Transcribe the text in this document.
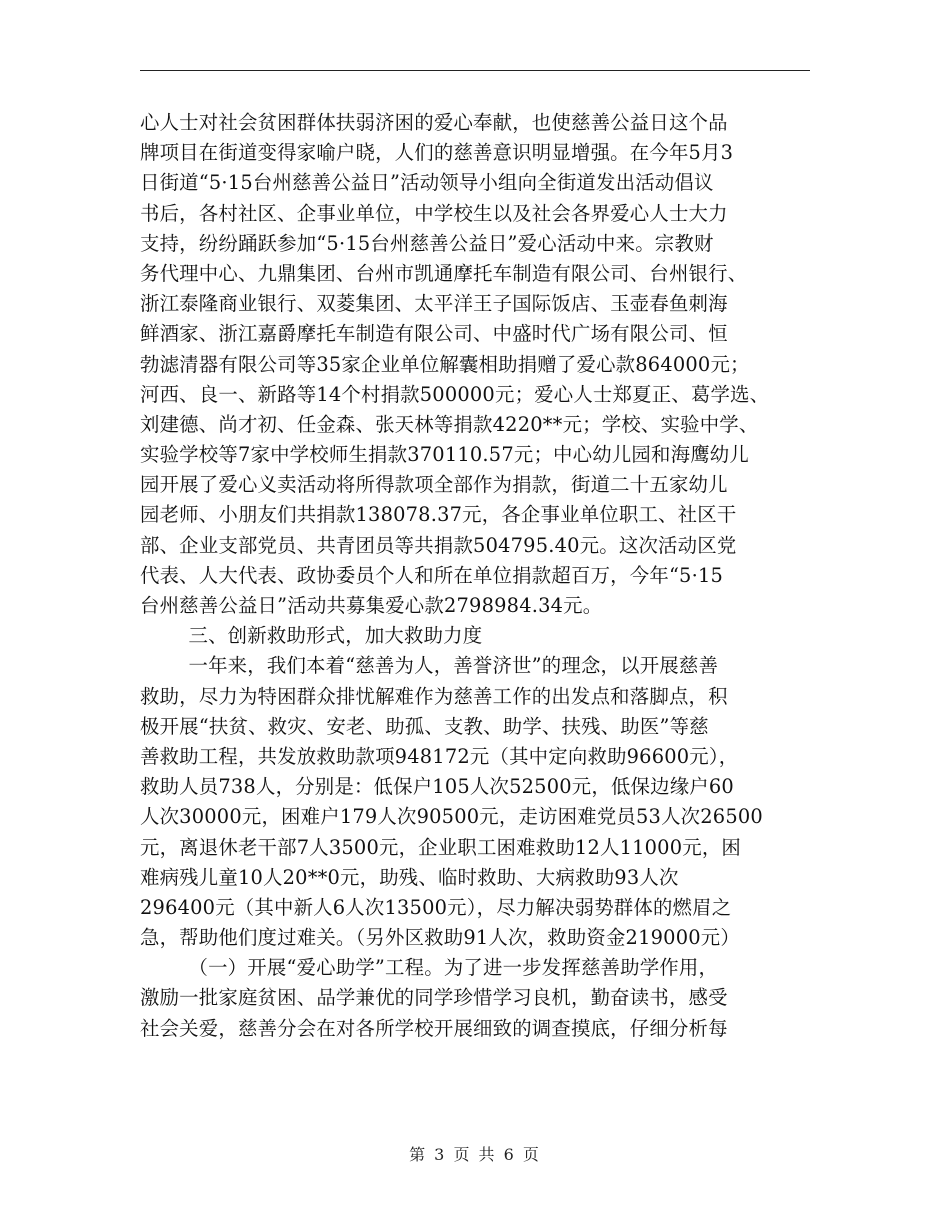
心人士对社会贫困群体扶弱济困的爱心奉献，也使慈善公益日这个品
牌项目在街道变得家喻户晓，人们的慈善意识明显增强。在今年5月3
日街道“5·15台州慈善公益日”活动领导小组向全街道发出活动倡议
书后，各村社区、企事业单位，中学校生以及社会各界爱心人士大力
支持，纷纷踊跃参加“5·15台州慈善公益日”爱心活动中来。宗教财
务代理中心、九鼎集团、台州市凯通摩托车制造有限公司、台州银行、
浙江泰隆商业银行、双菱集团、太平洋王子国际饭店、玉壶春鱼刺海
鲜酒家、浙江嘉爵摩托车制造有限公司、中盛时代广场有限公司、恒
勃滤清器有限公司等35家企业单位解囊相助捐赠了爱心款864000元；
河西、良一、新路等14个村捐款500000元；爱心人士郑夏正、葛学选、
刘建德、尚才初、任金森、张天林等捐款4220**元；学校、实验中学、
实验学校等7家中学校师生捐款370110.57元；中心幼儿园和海鹰幼儿
园开展了爱心义卖活动将所得款项全部作为捐款，街道二十五家幼儿
园老师、小朋友们共捐款138078.37元，各企事业单位职工、社区干
部、企业支部党员、共青团员等共捐款504795.40元。这次活动区党
代表、人大代表、政协委员个人和所在单位捐款超百万，今年“5·15
台州慈善公益日”活动共募集爱心款2798984.34元。
三、创新救助形式，加大救助力度
一年来，我们本着“慈善为人，善誉济世”的理念，以开展慈善
救助，尽力为特困群众排忧解难作为慈善工作的出发点和落脚点，积
极开展“扶贫、救灾、安老、助孤、支教、助学、扶残、助医”等慈
善救助工程，共发放救助款项948172元（其中定向救助96600元），
救助人员738人，分别是：低保户105人次52500元，低保边缘户60
人次30000元，困难户179人次90500元，走访困难党员53人次26500
元，离退休老干部7人3500元，企业职工困难救助12人11000元，困
难病残儿童10人20**0元，助残、临时救助、大病救助93人次
296400元（其中新人6人次13500元），尽力解决弱势群体的燃眉之
急，帮助他们度过难关。（另外区救助91人次，救助资金219000元）
（一）开展“爱心助学”工程。为了进一步发挥慈善助学作用，
激励一批家庭贫困、品学兼优的同学珍惜学习良机，勤奋读书，感受
社会关爱，慈善分会在对各所学校开展细致的调查摸底，仔细分析每
第 3 页 共 6 页
